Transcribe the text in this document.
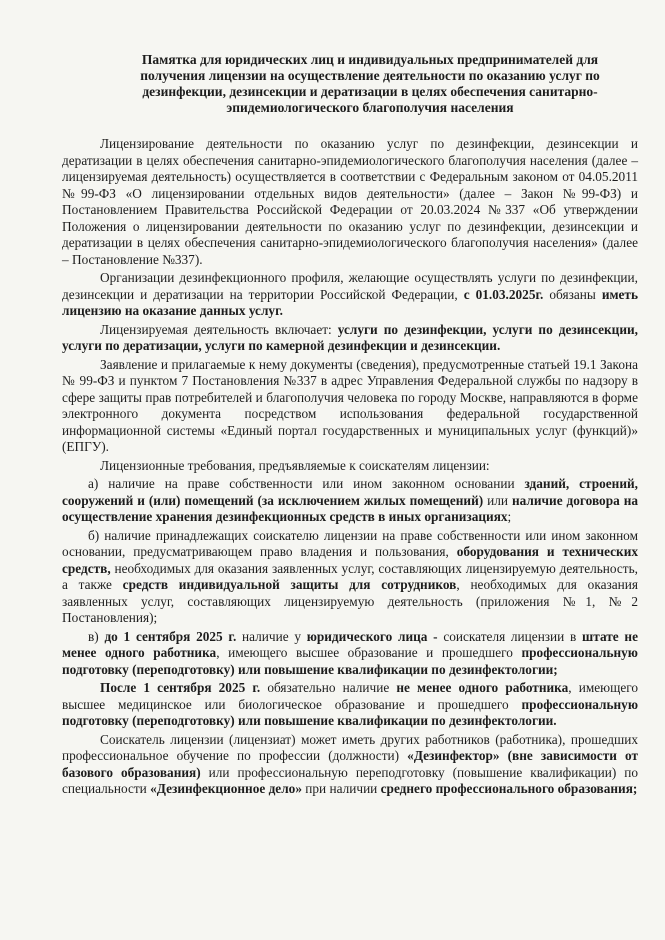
Памятка для юридических лиц и индивидуальных предпринимателей для получения лицензии на осуществление деятельности по оказанию услуг по дезинфекции, дезинсекции и дератизации в целях обеспечения санитарно-эпидемиологического благополучия населения

Лицензирование деятельности по оказанию услуг по дезинфекции, дезинсекции и дератизации в целях обеспечения санитарно-эпидемиологического благополучия населения (далее – лицензируемая деятельность) осуществляется в соответствии с Федеральным законом от 04.05.2011 №99-ФЗ «О лицензировании отдельных видов деятельности» (далее – Закон №99-ФЗ) и Постановлением Правительства Российской Федерации от 20.03.2024 №337 «Об утверждении Положения о лицензировании деятельности по оказанию услуг по дезинфекции, дезинсекции и дератизации в целях обеспечения санитарно-эпидемиологического благополучия населения» (далее – Постановление №337).

Организации дезинфекционного профиля, желающие осуществлять услуги по дезинфекции, дезинсекции и дератизации на территории Российской Федерации, с 01.03.2025г. обязаны иметь лицензию на оказание данных услуг.

Лицензируемая деятельность включает: услуги по дезинфекции, услуги по дезинсекции, услуги по дератизации, услуги по камерной дезинфекции и дезинсекции.

Заявление и прилагаемые к нему документы (сведения), предусмотренные статьей 19.1 Закона № 99-ФЗ и пунктом 7 Постановления №337 в адрес Управления Федеральной службы по надзору в сфере защиты прав потребителей и благополучия человека по городу Москве, направляются в форме электронного документа посредством использования федеральной государственной информационной системы «Единый портал государственных и муниципальных услуг (функций)» (ЕПГУ).

Лицензионные требования, предъявляемые к соискателям лицензии:

а) наличие на праве собственности или ином законном основании зданий, строений, сооружений и (или) помещений (за исключением жилых помещений) или наличие договора на осуществление хранения дезинфекционных средств в иных организациях;

б) наличие принадлежащих соискателю лицензии на праве собственности или ином законном основании, предусматривающем право владения и пользования, оборудования и технических средств, необходимых для оказания заявленных услуг, составляющих лицензируемую деятельность, а также средств индивидуальной защиты для сотрудников, необходимых для оказания заявленных услуг, составляющих лицензируемую деятельность (приложения №1, №2 Постановления);

в) до 1 сентября 2025 г. наличие у юридического лица - соискателя лицензии в штате не менее одного работника, имеющего высшее образование и прошедшего профессиональную подготовку (переподготовку) или повышение квалификации по дезинфектологии;

После 1 сентября 2025 г. обязательно наличие не менее одного работника, имеющего высшее медицинское или биологическое образование и прошедшего профессиональную подготовку (переподготовку) или повышение квалификации по дезинфектологии.

Соискатель лицензии (лицензиат) может иметь других работников (работника), прошедших профессиональное обучение по профессии (должности) «Дезинфектор» (вне зависимости от базового образования) или профессиональную переподготовку (повышение квалификации) по специальности «Дезинфекционное дело» при наличии среднего профессионального образования;
